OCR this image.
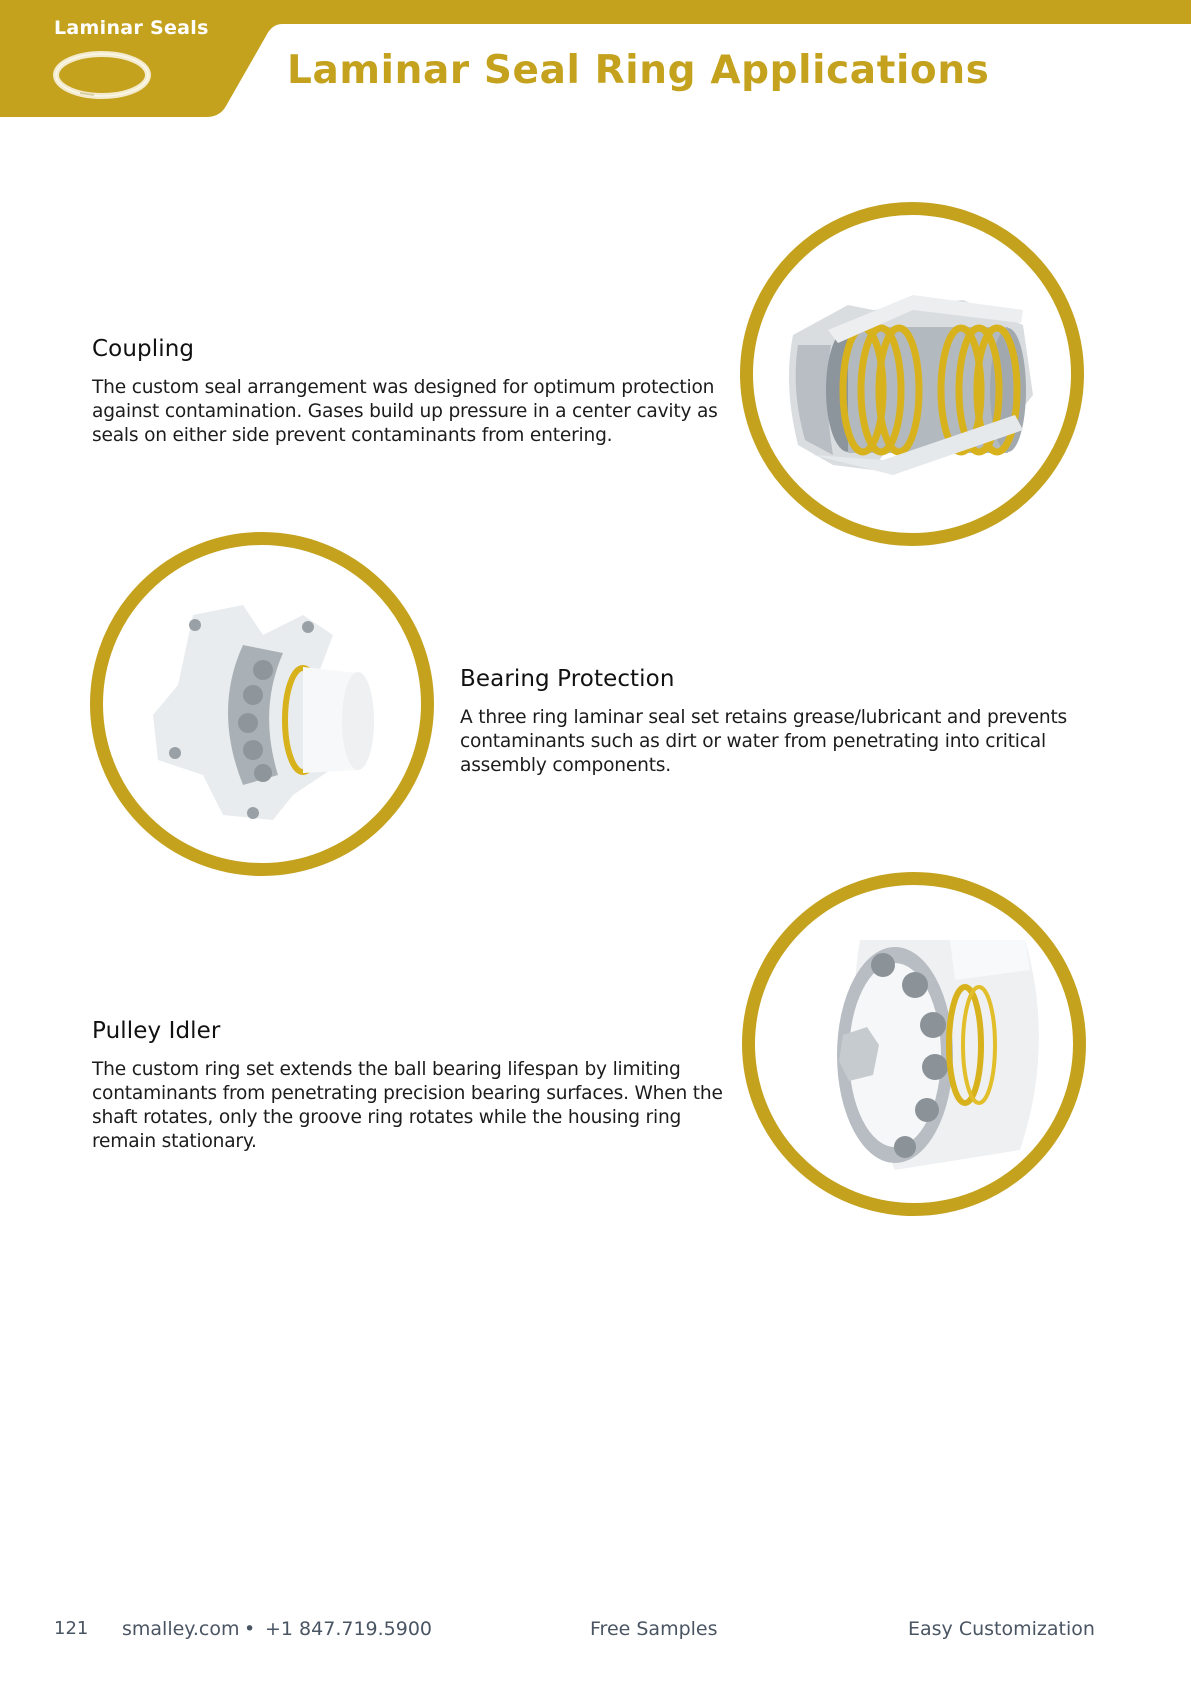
Laminar Seals
Laminar Seal Ring Applications
Coupling

The custom seal arrangement was designed for optimum protection against contamination. Gases build up pressure in a center cavity as seals on either side prevent contaminants from entering.

Bearing Protection

A three ring laminar seal set retains grease/lubricant and prevents contaminants such as dirt or water from penetrating into critical assembly components.

Pulley Idler

The custom ring set extends the ball bearing lifespan by limiting contaminants from penetrating precision bearing surfaces. When the shaft rotates, only the groove ring rotates while the housing ring remain stationary.

121 smalley.com • +1 847.719.5900	Free Samples	Easy Customization
